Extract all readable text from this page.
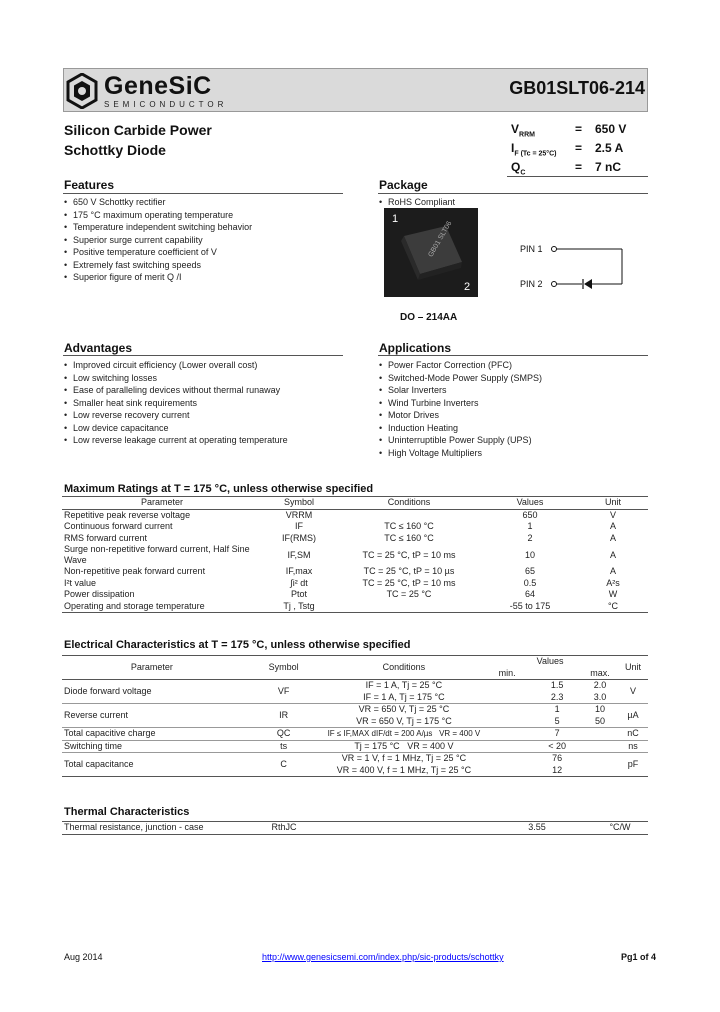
GeneSiC
SEMICONDUCTOR
GB01SLT06-214
Silicon Carbide Power
Schottky Diode
$V_{RRM}$	= 650 V
$I_{F (Tc = 25^\circ C)}$	= 2.5 A
$Q_C$	= 7 nC
Features
• 650 V Schottky rectifier
• 175 °C maximum operating temperature
• Temperature independent switching behavior
• Superior surge current capability
• Positive temperature coefficient of V
• Extremely fast switching speeds
• Superior figure of merit Q /I
Package
• RoHS Compliant
GB01 SLT06
1
2
DO – 214AA
PIN 1
PIN 2
Advantages
• Improved circuit efficiency (Lower overall cost)
• Low switching losses
• Ease of paralleling devices without thermal runaway
• Smaller heat sink requirements
• Low reverse recovery current
• Low device capacitance
• Low reverse leakage current at operating temperature
Applications
• Power Factor Correction (PFC)
• Switched-Mode Power Supply (SMPS)
• Solar Inverters
• Wind Turbine Inverters
• Motor Drives
• Induction Heating
• Uninterruptible Power Supply (UPS)
• High Voltage Multipliers
Maximum Ratings at T = 175 °C, unless otherwise specified
Parameter	Symbol	Conditions	Values	Unit
Repetitive peak reverse voltage	VRRM		650	V
Continuous forward current	IF	TC ≤ 160 °C	1	A
RMS forward current	IF(RMS)	TC ≤ 160 °C	2	A
Surge non-repetitive forward current, Half Sine Wave	IF,SM	TC = 25 °C, tP = 10 ms	10	A
Non-repetitive peak forward current	IF,max	TC = 25 °C, tP = 10 µs	65	A
I²t value	∫i² dt	TC = 25 °C, tP = 10 ms	0.5	A²s
Power dissipation	Ptot	TC = 25 °C	64	W
Operating and storage temperature	Tj , Tstg		-55 to 175	°C
Electrical Characteristics at T = 175 °C, unless otherwise specified
Parameter	Symbol	Conditions	Values			Unit
			min.		max.	
Diode forward voltage	VF	IF = 1 A, Tj = 25 °C		1.5	2.0	V
		IF = 1 A, Tj = 175 °C		2.3	3.0	
Reverse current	IR	VR = 650 V, Tj = 25 °C		1	10	µA
		VR = 650 V, Tj = 175 °C		5	50	
Total capacitive charge	QC	IF ≤ IF,MAX dIF/dt = 200 A/µs VR = 400 V		7		nC
Switching time	ts	Tj = 175 °C VR = 400 V		< 20		ns
Total capacitance	C	VR = 1 V, f = 1 MHz, Tj = 25 °C		76		pF
		VR = 400 V, f = 1 MHz, Tj = 25 °C		12		
Thermal Characteristics
Thermal resistance, junction - case	RthJC		3.55	°C/W
Aug 2014	http://www.genesicsemi.com/index.php/sic-products/schottky	Pg1 of 4
